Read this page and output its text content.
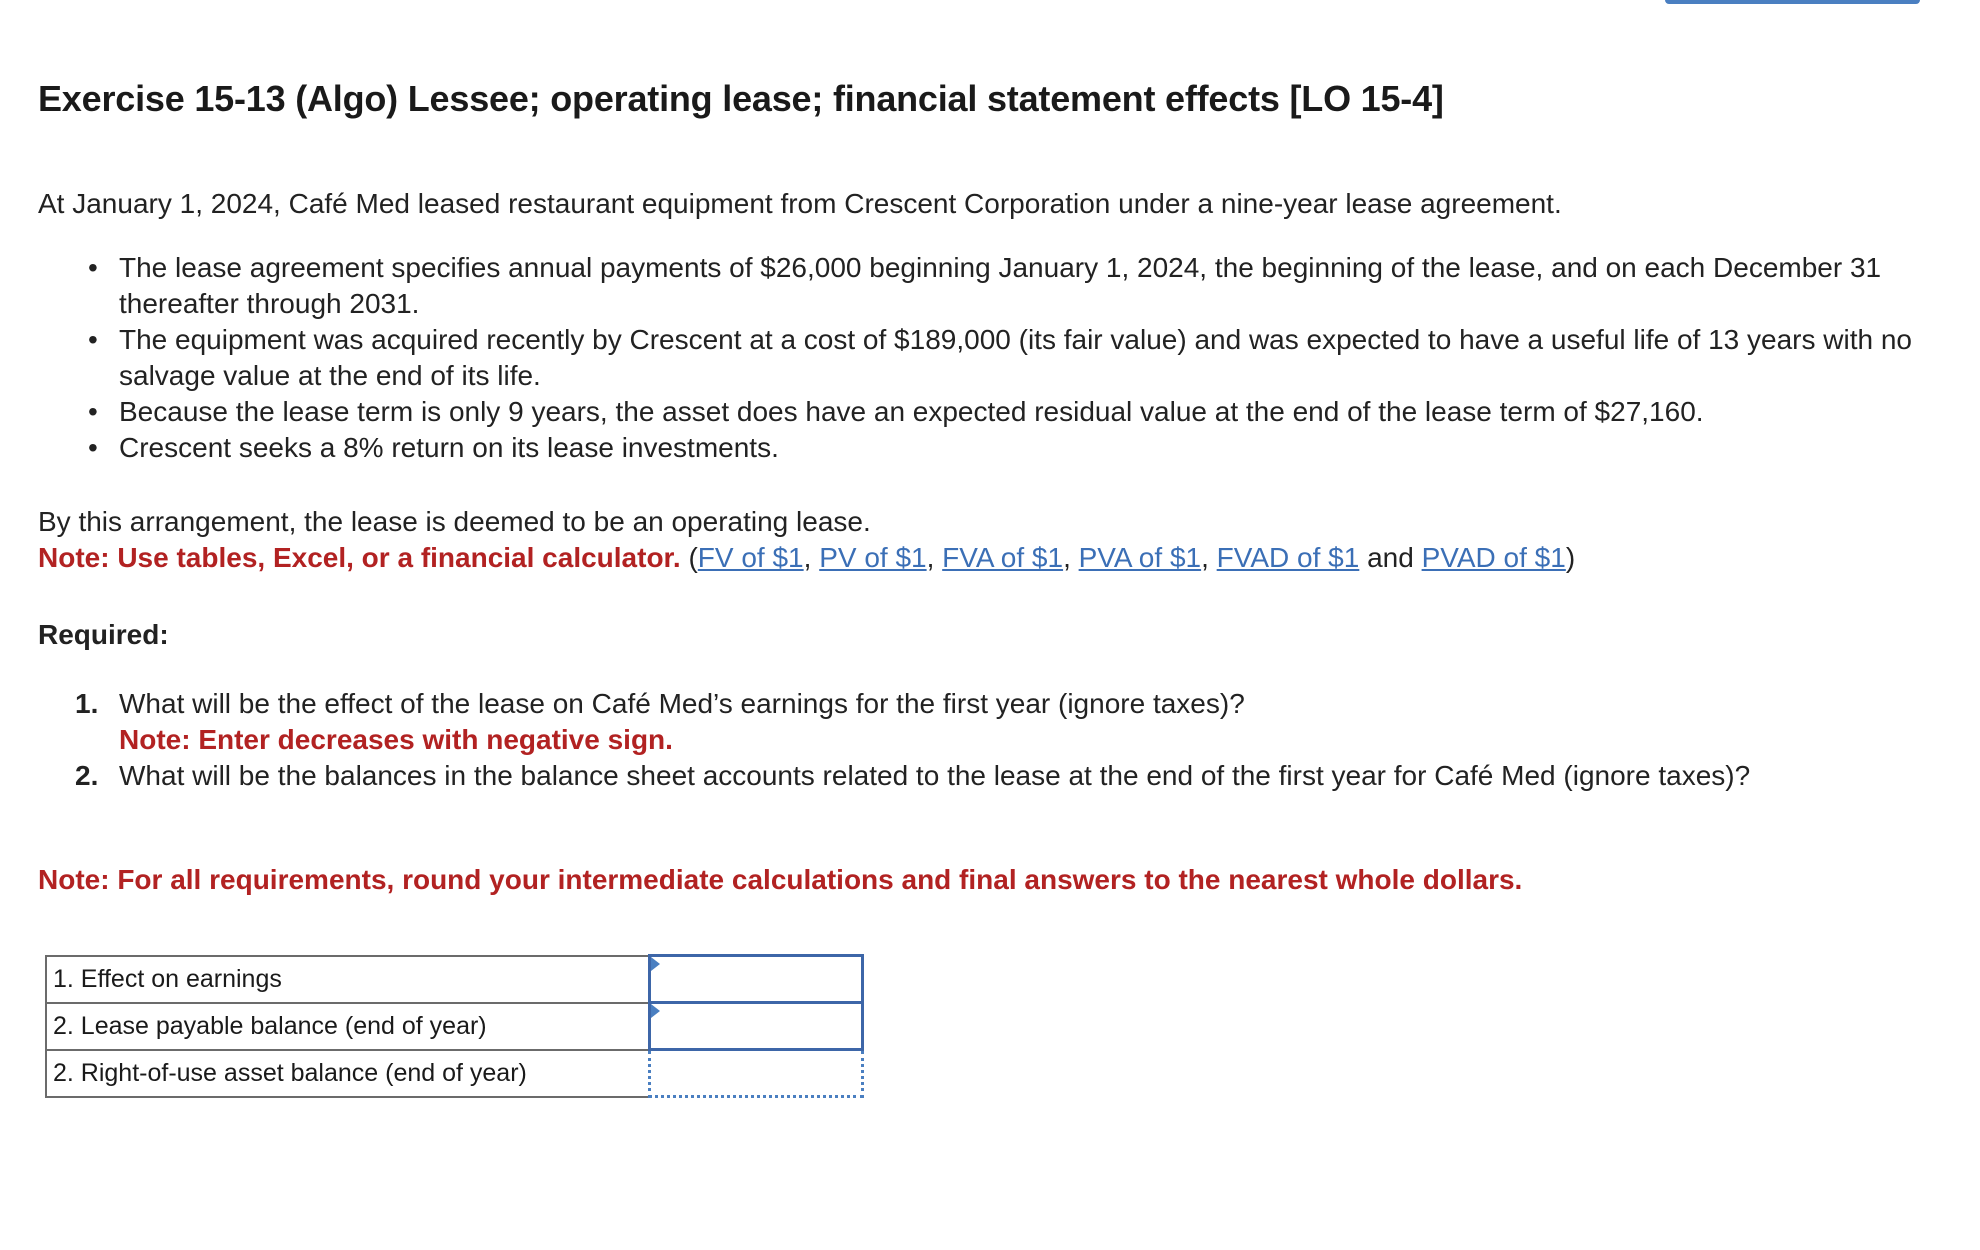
Exercise 15-13 (Algo) Lessee; operating lease; financial statement effects [LO 15-4]

At January 1, 2024, Café Med leased restaurant equipment from Crescent Corporation under a nine-year lease agreement.

• The lease agreement specifies annual payments of $26,000 beginning January 1, 2024, the beginning of the lease, and on each December 31 thereafter through 2031.
• The equipment was acquired recently by Crescent at a cost of $189,000 (its fair value) and was expected to have a useful life of 13 years with no salvage value at the end of its life.
• Because the lease term is only 9 years, the asset does have an expected residual value at the end of the lease term of $27,160.
• Crescent seeks a 8% return on its lease investments.

By this arrangement, the lease is deemed to be an operating lease.

Note: Use tables, Excel, or a financial calculator. (FV of $1, PV of $1, FVA of $1, PVA of $1, FVAD of $1 and PVAD of $1)

Required:

1. What will be the effect of the lease on Café Med’s earnings for the first year (ignore taxes)?
Note: Enter decreases with negative sign.
2. What will be the balances in the balance sheet accounts related to the lease at the end of the first year for Café Med (ignore taxes)?

Note: For all requirements, round your intermediate calculations and final answers to the nearest whole dollars.

1. Effect on earnings	

2. Lease payable balance (end of year)	

2. Right-of-use asset balance (end of year)	
